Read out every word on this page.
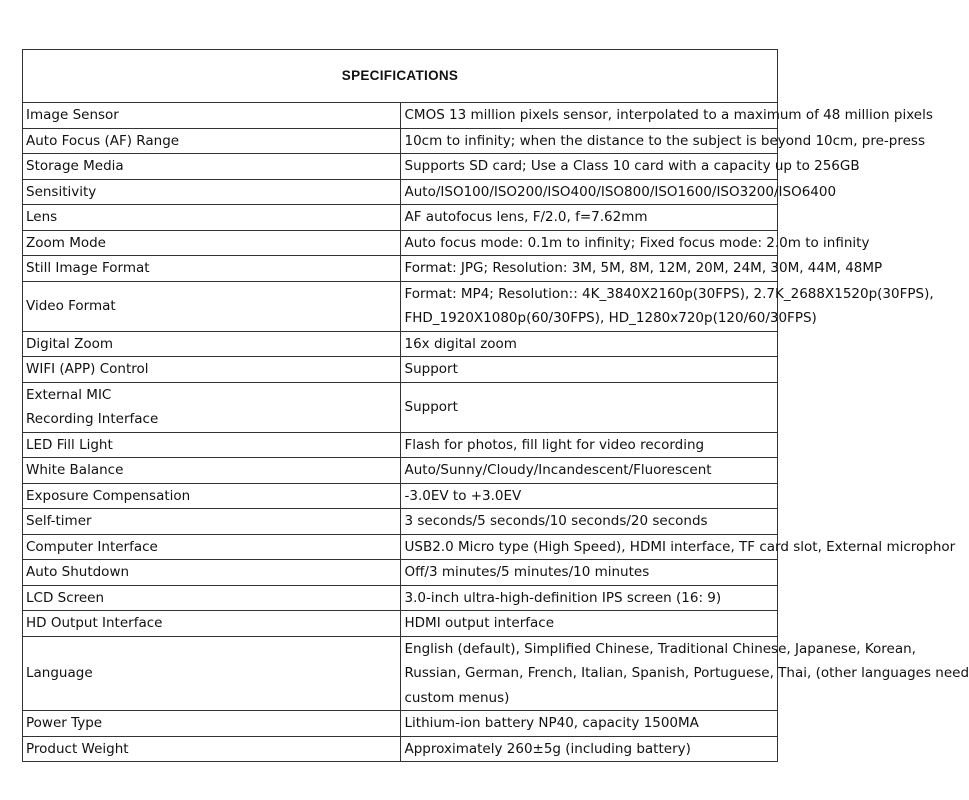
SPECIFICATIONS	

Image Sensor	CMOS 13 million pixels sensor, interpolated to a maximum of 48 million pixels

Auto Focus (AF) Range	10cm to infinity; when the distance to the subject is beyond 10cm, pre-press

Storage Media	Supports SD card; Use a Class 10 card with a capacity up to 256GB

Sensitivity	Auto/ISO100/ISO200/ISO400/ISO800/ISO1600/ISO3200/ISO6400

Lens	AF autofocus lens, F/2.0, f=7.62mm

Zoom Mode	Auto focus mode: 0.1m to infinity; Fixed focus mode: 2.0m to infinity

Still Image Format	Format: JPG; Resolution: 3M, 5M, 8M, 12M, 20M, 24M, 30M, 44M, 48MP

Video Format	Format: MP4; Resolution:: 4K_3840X2160p(30FPS), 2.7K_2688X1520p(30FPS),
FHD_1920X1080p(60/30FPS), HD_1280x720p(120/60/30FPS)

Digital Zoom	16x digital zoom

WIFI (APP) Control	Support

External MIC
Recording Interface	Support

LED Fill Light	Flash for photos, fill light for video recording

White Balance	Auto/Sunny/Cloudy/Incandescent/Fluorescent

Exposure Compensation	-3.0EV to +3.0EV

Self-timer	3 seconds/5 seconds/10 seconds/20 seconds

Computer Interface	USB2.0 Micro type (High Speed), HDMI interface, TF card slot, External microphor

Auto Shutdown	Off/3 minutes/5 minutes/10 minutes

LCD Screen	3.0-inch ultra-high-definition IPS screen (16: 9)

HD Output Interface	HDMI output interface

Language	English (default), Simplified Chinese, Traditional Chinese, Japanese, Korean,
Russian, German, French, Italian, Spanish, Portuguese, Thai, (other languages need
custom menus)

Power Type	Lithium-ion battery NP40, capacity 1500MA

Product Weight	Approximately 260±5g (including battery)
